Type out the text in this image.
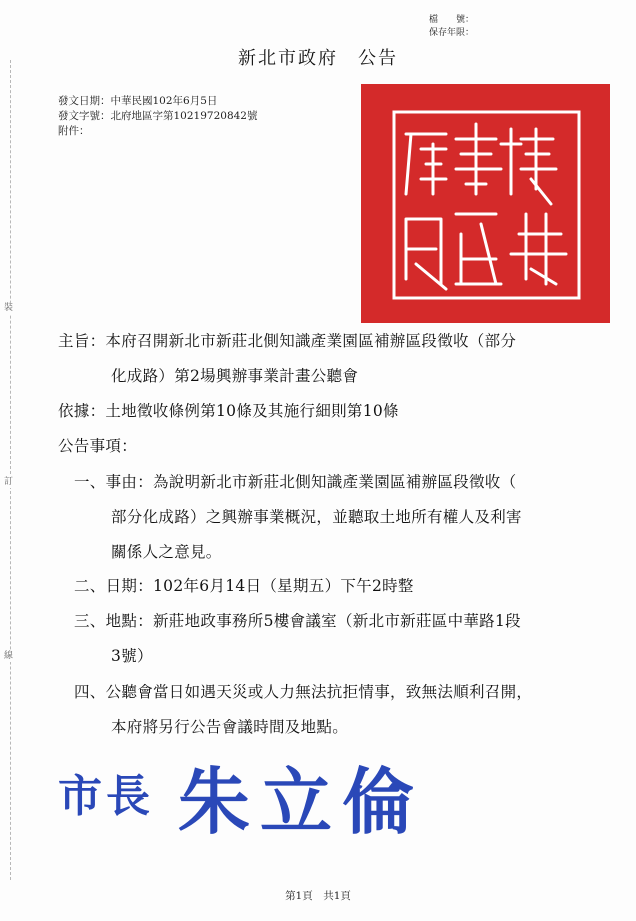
裝
訂
線
檔　　號：
保存年限：
新北市政府　公告
發文日期：中華民國102年6月5日
發文字號：北府地區字第10219720842號
附件：
主旨：本府召開新北市新莊北側知識產業園區補辦區段徵收（部分
化成路）第2場興辦事業計畫公聽會
依據：土地徵收條例第10條及其施行細則第10條
公告事項：
一、事由：為說明新北市新莊北側知識產業園區補辦區段徵收（
部分化成路）之興辦事業概況，並聽取土地所有權人及利害
關係人之意見。
二、日期：102年6月14日（星期五）下午2時整
三、地點：新莊地政事務所5樓會議室（新北市新莊區中華路1段
3號）
四、公聽會當日如遇天災或人力無法抗拒情事，致無法順利召開，
本府將另行公告會議時間及地點。
市長 朱立倫
第1頁　共1頁
